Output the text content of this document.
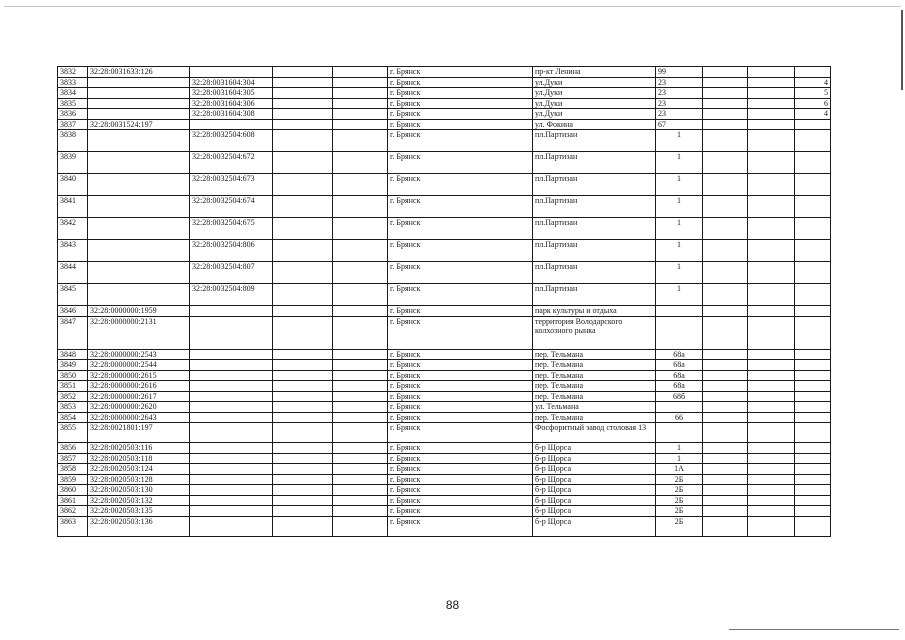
3832	32:28:0031633:126				г. Брянск	пр-кт Ленина	99			
3833		32:28:0031604:304			г. Брянск	ул.Дуки	23			4
3834		32:28:0031604:305			г. Брянск	ул.Дуки	23			5
3835		32:28:0031604:306			г. Брянск	ул.Дуки	23			6
3836		32:28:0031604:308			г. Брянск	ул.Дуки	23			4
3837	32:28:0031524:197				г. Брянск	ул. Фокина	67			
3838		32:28:0032504:608			г. Брянск	пл.Партизан	1			
3839		32:28:0032504:672			г. Брянск	пл.Партизан	1			
3840		32:28:0032504:673			г. Брянск	пл.Партизан	1			
3841		32:28:0032504:674			г. Брянск	пл.Партизан	1			
3842		32:28:0032504:675			г. Брянск	пл.Партизан	1			
3843		32:28:0032504:806			г. Брянск	пл.Партизан	1			
3844		32:28:0032504:807			г. Брянск	пл.Партизан	1			
3845		32:28:0032504:809			г. Брянск	пл.Партизан	1			
3846	32:28:0000000:1959				г. Брянск	парк культуры и отдыха				
3847	32:28:0000000:2131				г. Брянск	территория Володарского колхозного рынка				
3848	32:28:0000000:2543				г. Брянск	пер. Тельмана	68а			
3849	32:28:0000000:2544				г. Брянск	пер. Тельмана	68а			
3850	32:28:0000000:2615				г. Брянск	пер. Тельмана	68а			
3851	32:28:0000000:2616				г. Брянск	пер. Тельмана	68а			
3852	32:28:0000000:2617				г. Брянск	пер. Тельмана	68б			
3853	32:28:0000000:2620				г. Брянск	ул. Тельмана				
3854	32:28:0000000:2643				г. Брянск	пер. Тельмана	66			
3855	32:28:0021801:197				г. Брянск	Фосфоритный завод столовая 13				
3856	32:28:0020503:116				г. Брянск	б-р Щорса	1			
3857	32:28:0020503:118				г. Брянск	б-р Щорса	1			
3858	32:28:0020503:124				г. Брянск	б-р Щорса	1А			
3859	32:28:0020503:128				г. Брянск	б-р Щорса	2Б			
3860	32:28:0020503:130				г. Брянск	б-р Щорса	2Б			
3861	32:28:0020503:132				г. Брянск	б-р Щорса	2Б			
3862	32:28:0020503:135				г. Брянск	б-р Щорса	2Б			
3863	32:28:0020503:136				г. Брянск	б-р Щорса	2Б			
88
